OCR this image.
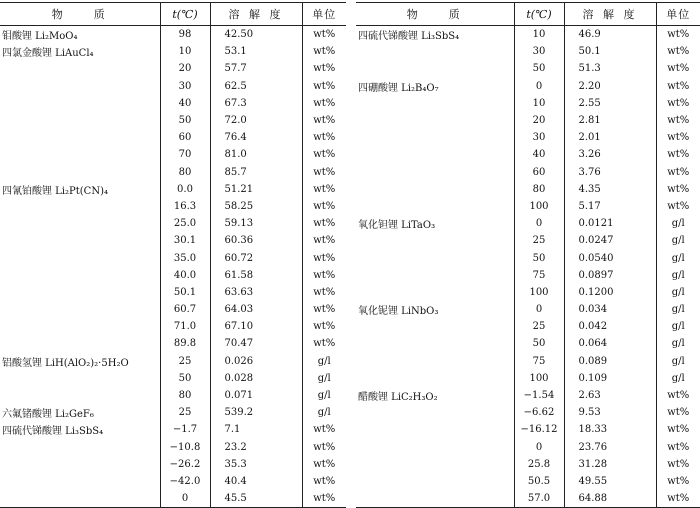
物　　质	t(℃)	溶 解 度	单位
钼酸锂 Li₂MoO₄	98	42.50	wt%
四氯金酸锂 LiAuCl₄	10	53.1	wt%
	20	57.7	wt%
	30	62.5	wt%
	40	67.3	wt%
	50	72.0	wt%
	60	76.4	wt%
	70	81.0	wt%
	80	85.7	wt%
四氰铂酸锂 Li₂Pt(CN)₄	0.0	51.21	wt%
	16.3	58.25	wt%
	25.0	59.13	wt%
	30.1	60.36	wt%
	35.0	60.72	wt%
	40.0	61.58	wt%
	50.1	63.63	wt%
	60.7	64.03	wt%
	71.0	67.10	wt%
	89.8	70.47	wt%
铝酸氢锂 LiH(AlO₂)₂·5H₂O	25	0.026	g/l
	50	0.028	g/l
	80	0.071	g/l
六氟锗酸锂 Li₂GeF₆	25	539.2	g/l
四硫代锑酸锂 Li₃SbS₄	−1.7	7.1	wt%
	−10.8	23.2	wt%
	−26.2	35.3	wt%
	−42.0	40.4	wt%
	0	45.5	wt%
物　　质	t(℃)	溶 解 度	单位
四硫代锑酸锂 Li₃SbS₄	10	46.9	wt%
	30	50.1	wt%
	50	51.3	wt%
四硼酸锂 Li₂B₄O₇	0	2.20	wt%
	10	2.55	wt%
	20	2.81	wt%
	30	2.01	wt%
	40	3.26	wt%
	60	3.76	wt%
	80	4.35	wt%
	100	5.17	wt%
氧化钽锂 LiTaO₃	0	0.0121	g/l
	25	0.0247	g/l
	50	0.0540	g/l
	75	0.0897	g/l
	100	0.1200	g/l
氧化铌锂 LiNbO₃	0	0.034	g/l
	25	0.042	g/l
	50	0.064	g/l
	75	0.089	g/l
	100	0.109	g/l
醋酸锂 LiC₂H₃O₂	−1.54	2.63	wt%
	−6.62	9.53	wt%
	−16.12	18.33	wt%
	0	23.76	wt%
	25.8	31.28	wt%
	50.5	49.55	wt%
	57.0	64.88	wt%
